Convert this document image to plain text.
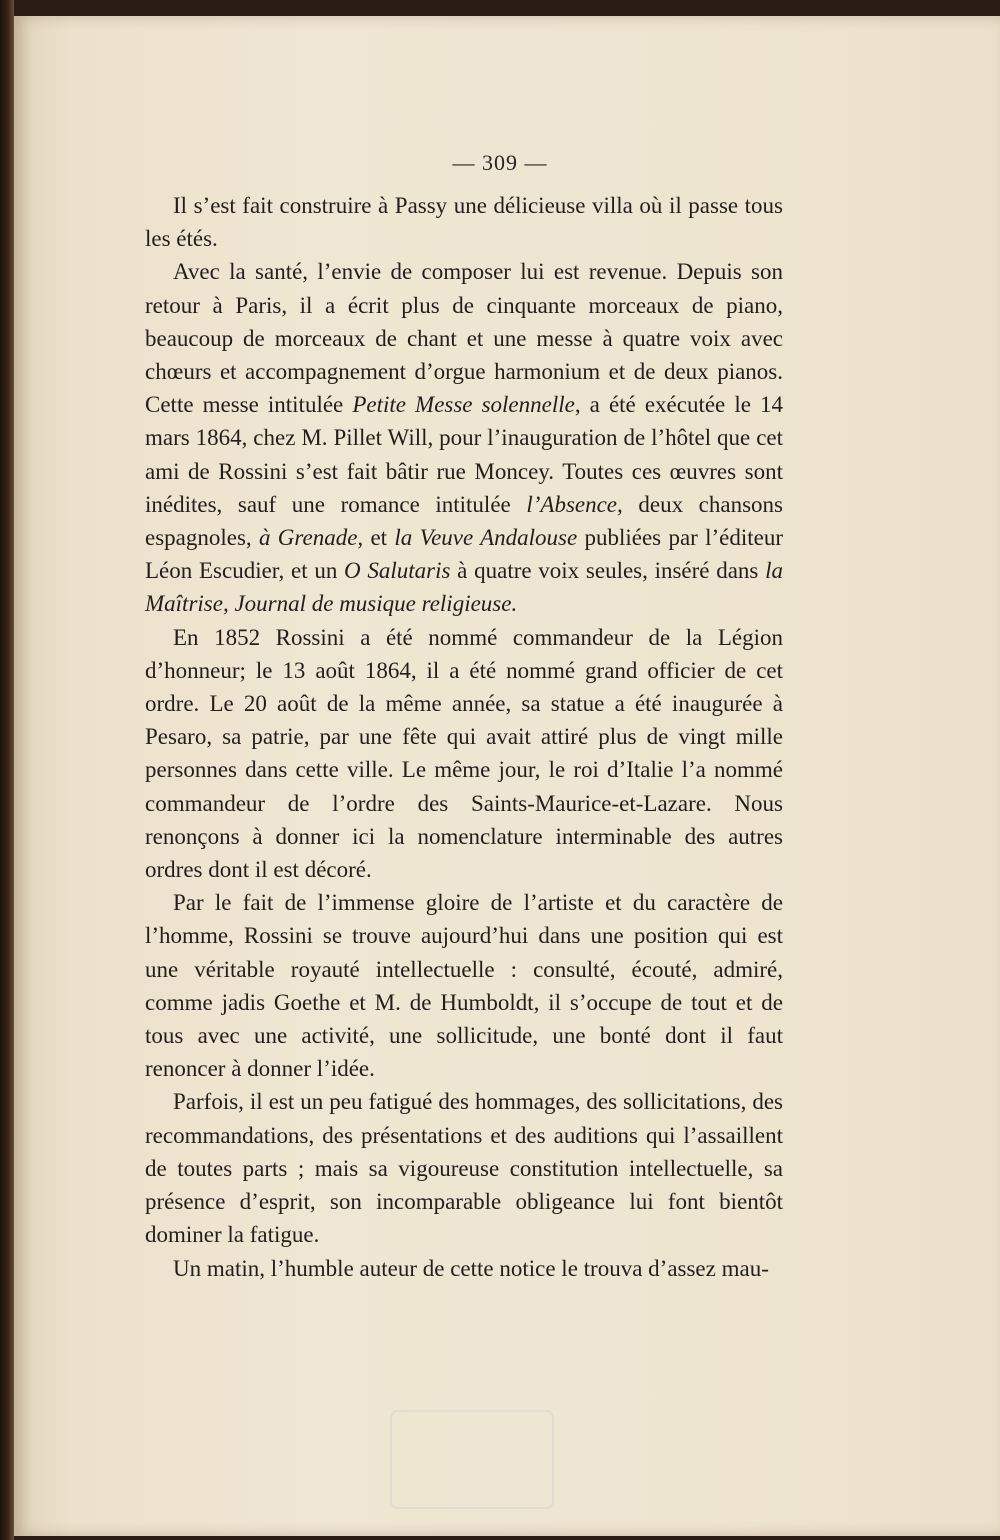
— 309 —

Il s’est fait construire à Passy une délicieuse villa où il passe tous les étés.

Avec la santé, l’envie de composer lui est revenue. Depuis son retour à Paris, il a écrit plus de cinquante morceaux de piano, beaucoup de morceaux de chant et une messe à quatre voix avec chœurs et accompagnement d’orgue harmonium et de deux pianos. Cette messe intitulée Petite Messe solennelle, a été exécutée le 14 mars 1864, chez M. Pillet Will, pour l’inauguration de l’hôtel que cet ami de Rossini s’est fait bâtir rue Moncey. Toutes ces œuvres sont inédites, sauf une romance intitulée l’Absence, deux chansons espagnoles, à Grenade, et la Veuve Andalouse publiées par l’éditeur Léon Escudier, et un O Salutaris à quatre voix seules, inséré dans la Maîtrise, Journal de musique religieuse.

En 1852 Rossini a été nommé commandeur de la Légion d’honneur; le 13 août 1864, il a été nommé grand officier de cet ordre. Le 20 août de la même année, sa statue a été inaugurée à Pesaro, sa patrie, par une fête qui avait attiré plus de vingt mille personnes dans cette ville. Le même jour, le roi d’Italie l’a nommé commandeur de l’ordre des Saints-Maurice-et-Lazare. Nous renonçons à donner ici la nomenclature interminable des autres ordres dont il est décoré.

Par le fait de l’immense gloire de l’artiste et du caractère de l’homme, Rossini se trouve aujourd’hui dans une position qui est une véritable royauté intellectuelle : consulté, écouté, admiré, comme jadis Goethe et M. de Humboldt, il s’occupe de tout et de tous avec une activité, une sollicitude, une bonté dont il faut renoncer à donner l’idée.

Parfois, il est un peu fatigué des hommages, des sollicitations, des recommandations, des présentations et des auditions qui l’assaillent de toutes parts ; mais sa vigoureuse constitution intellectuelle, sa présence d’esprit, son incomparable obligeance lui font bientôt dominer la fatigue.

Un matin, l’humble auteur de cette notice le trouva d’assez mau-
